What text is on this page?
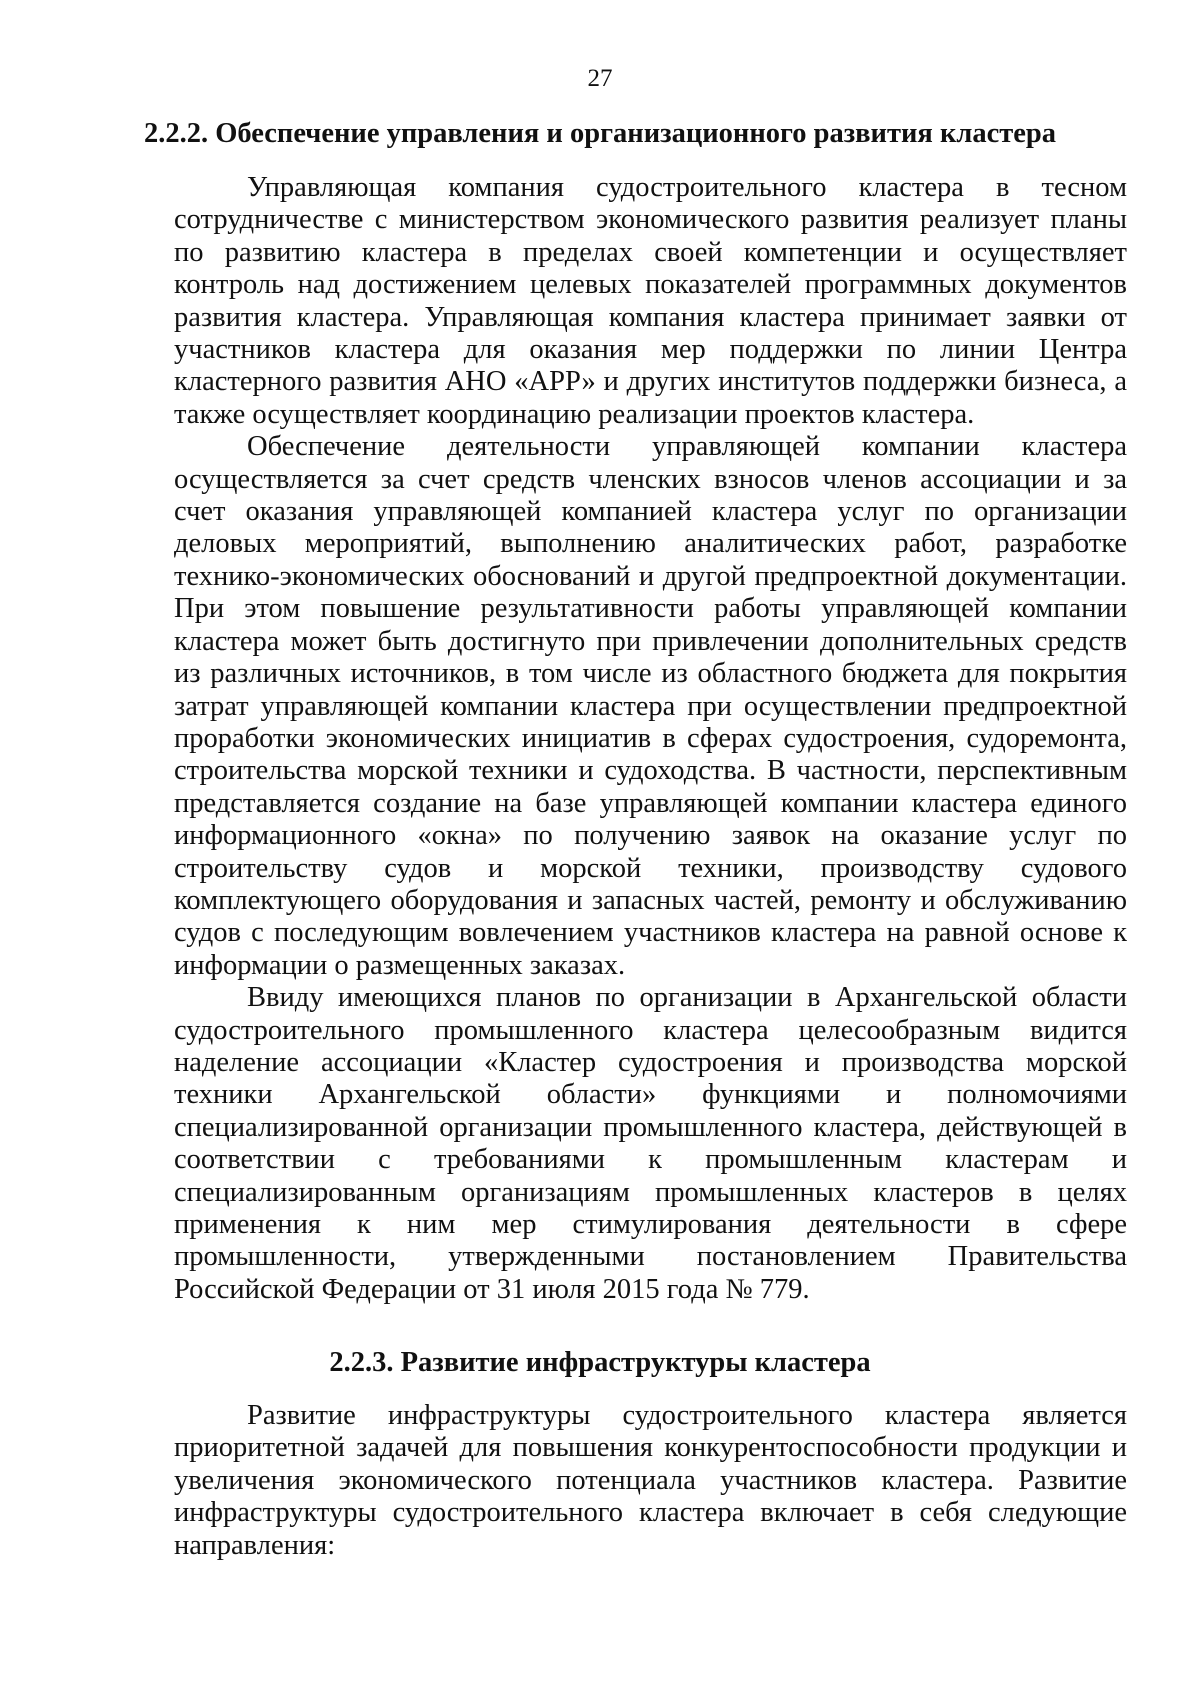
27
2.2.2. Обеспечение управления и организационного развития кластера

Управляющая компания судостроительного кластера в тесном сотрудничестве с министерством экономического развития реализует планы по развитию кластера в пределах своей компетенции и осуществляет контроль над достижением целевых показателей программных документов развития кластера. Управляющая компания кластера принимает заявки от участников кластера для оказания мер поддержки по линии Центра кластерного развития АНО «АРР» и других институтов поддержки бизнеса, а также осуществляет координацию реализации проектов кластера.

Обеспечение деятельности управляющей компании кластера осуществляется за счет средств членских взносов членов ассоциации и за счет оказания управляющей компанией кластера услуг по организации деловых мероприятий, выполнению аналитических работ, разработке технико-экономических обоснований и другой предпроектной документации. При этом повышение результативности работы управляющей компании кластера может быть достигнуто при привлечении дополнительных средств из различных источников, в том числе из областного бюджета для покрытия затрат управляющей компании кластера при осуществлении предпроектной проработки экономических инициатив в сферах судостроения, судоремонта, строительства морской техники и судоходства. В частности, перспективным представляется создание на базе управляющей компании кластера единого информационного «окна» по получению заявок на оказание услуг по строительству судов и морской техники, производству судового комплектующего оборудования и запасных частей, ремонту и обслуживанию судов с последующим вовлечением участников кластера на равной основе к информации о размещенных заказах.

Ввиду имеющихся планов по организации в Архангельской области судостроительного промышленного кластера целесообразным видится наделение ассоциации «Кластер судостроения и производства морской техники Архангельской области» функциями и полномочиями специализированной организации промышленного кластера, действующей в соответствии с требованиями к промышленным кластерам и специализированным организациям промышленных кластеров в целях применения к ним мер стимулирования деятельности в сфере промышленности, утвержденными постановлением Правительства Российской Федерации от 31 июля 2015 года № 779.

2.2.3. Развитие инфраструктуры кластера

Развитие инфраструктуры судостроительного кластера является приоритетной задачей для повышения конкурентоспособности продукции и увеличения экономического потенциала участников кластера. Развитие инфраструктуры судостроительного кластера включает в себя следующие направления:
